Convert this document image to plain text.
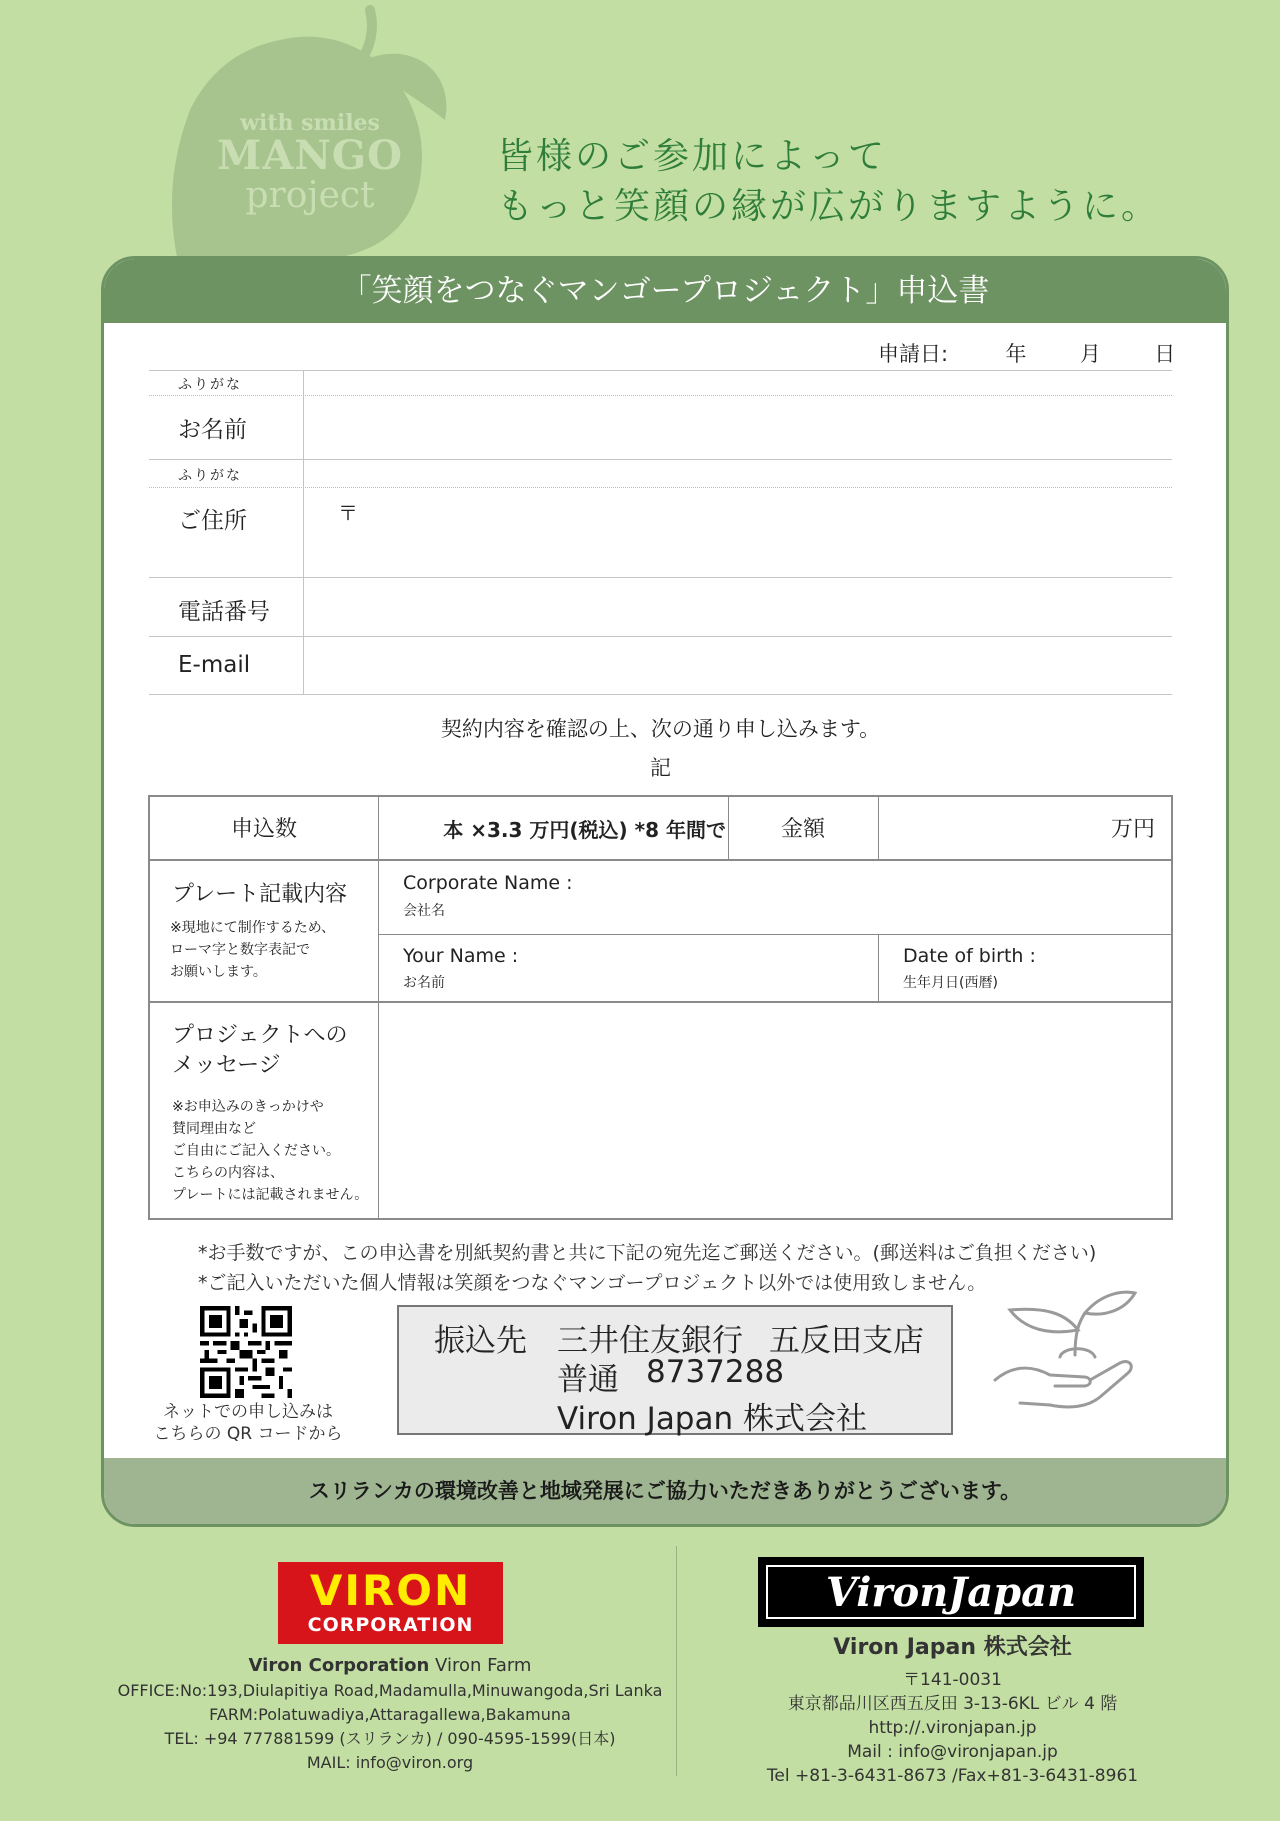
with smiles
MANGO
project
皆様のご参加によって
もっと笑顔の縁が広がりますように。
「笑顔をつなぐマンゴープロジェクト」申込書
スリランカの環境改善と地域発展にご協力いただきありがとうございます。
申請日:	年	月	日
ふりがな
お名前
ふりがな
ご住所	〒
電話番号
E-mail
契約内容を確認の上、次の通り申し込みます。
記
申込数	本 ×3.3 万円(税込) *8 年間で	金額	万円
プレート記載内容
※現地にて制作するため、
ローマ字と数字表記で
お願いします。
Corporate Name :
会社名
Your Name :
お名前
Date of birth :
生年月日(西暦)
プロジェクトへの
メッセージ
※お申込みのきっかけや
賛同理由など
ご自由にご記入ください。
こちらの内容は、
プレートには記載されません。
*お手数ですが、この申込書を別紙契約書と共に下記の宛先迄ご郵送ください。(郵送料はご負担ください)
*ご記入いただいた個人情報は笑顔をつなぐマンゴープロジェクト以外では使用致しません。
ネットでの申し込みは
こちらの QR コードから
振込先 三井住友銀行 五反田支店
普通 8737288
Viron Japan 株式会社
VIRON
CORPORATION
Viron Corporation Viron Farm
OFFICE:No:193,Diulapitiya Road,Madamulla,Minuwangoda,Sri Lanka
FARM:Polatuwadiya,Attaragallewa,Bakamuna
TEL: +94 777881599 (スリランカ) / 090-4595-1599(日本)
MAIL: info@viron.org
VironJapan
Viron Japan 株式会社
〒141-0031
東京都品川区西五反田 3-13-6KL ビル 4 階
http://.vironjapan.jp
Mail : info@vironjapan.jp
Tel +81-3-6431-8673 /Fax+81-3-6431-8961
